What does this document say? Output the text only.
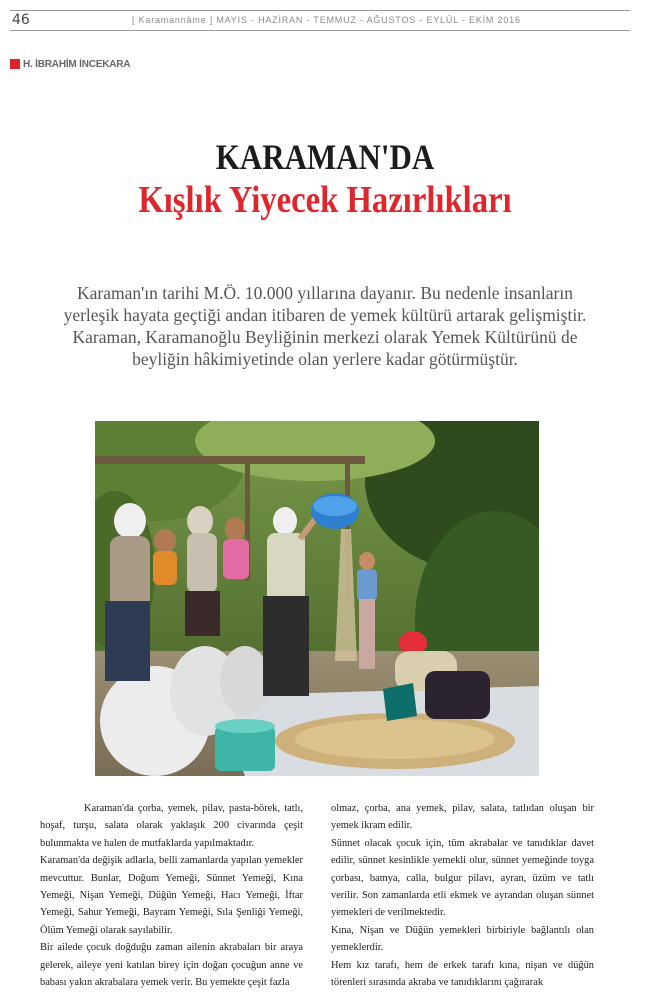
46	[ Karamannâme ] MAYIS - HAZİRAN - TEMMUZ - AĞUSTOS - EYLÜL - EKİM 2016
H. İBRAHİM İNCEKARA
KARAMAN'DA
Kışlık Yiyecek Hazırlıkları
Karaman'ın tarihi M.Ö. 10.000 yıllarına dayanır. Bu nedenle insanların
yerleşik hayata geçtiği andan itibaren de yemek kültürü artarak gelişmiştir.
Karaman, Karamanoğlu Beyliğinin merkezi olarak Yemek Kültürünü de
beyliğin hâkimiyetinde olan yerlere kadar götürmüştür.

Karaman'da çorba, yemek, pilav, pasta-börek, tatlı, hoşaf, turşu, salata olarak yaklaşık 200 civarında çeşit bulunmakta ve halen de mutfaklarda yapılmaktadır.

Karaman'da değişik adlarla, belli zamanlarda yapılan yemekler mevcuttur. Bunlar, Doğum Yemeği, Sünnet Yemeği, Kına Yemeği, Nişan Yemeği, Düğün Yemeği, Hacı Yemeği, İftar Yemeği, Sahur Yemeği, Bayram Yemeği, Sıla Şenliği Yemeği, Ölüm Yemeği olarak sayılabilir.

Bir ailede çocuk doğduğu zaman ailenin akrabaları bir araya gelerek, aileye yeni katılan birey için doğan çocuğun anne ve babası yakın akrabalara yemek verir. Bu yemekte çeşit fazla

olmaz, çorba, ana yemek, pilav, salata, tatlıdan oluşan bir yemek ikram edilir.

Sünnet olacak çocuk için, tüm akrabalar ve tanıdıklar davet edilir, sünnet kesinlikle yemekli olur, sünnet yemeğinde toyga çorbası, bamya, calla, bulgur pilavı, ayran, üzüm ve tatlı verilir. Son zamanlarda etli ekmek ve ayrandan oluşan sünnet yemekleri de verilmektedir.

Kına, Nişan ve Düğün yemekleri birbiriyle bağlantılı olan yemeklerdir.

Hem kız tarafı, hem de erkek tarafı kına, nişan ve düğün törenleri sırasında akraba ve tanıdıklarını çağırarak
